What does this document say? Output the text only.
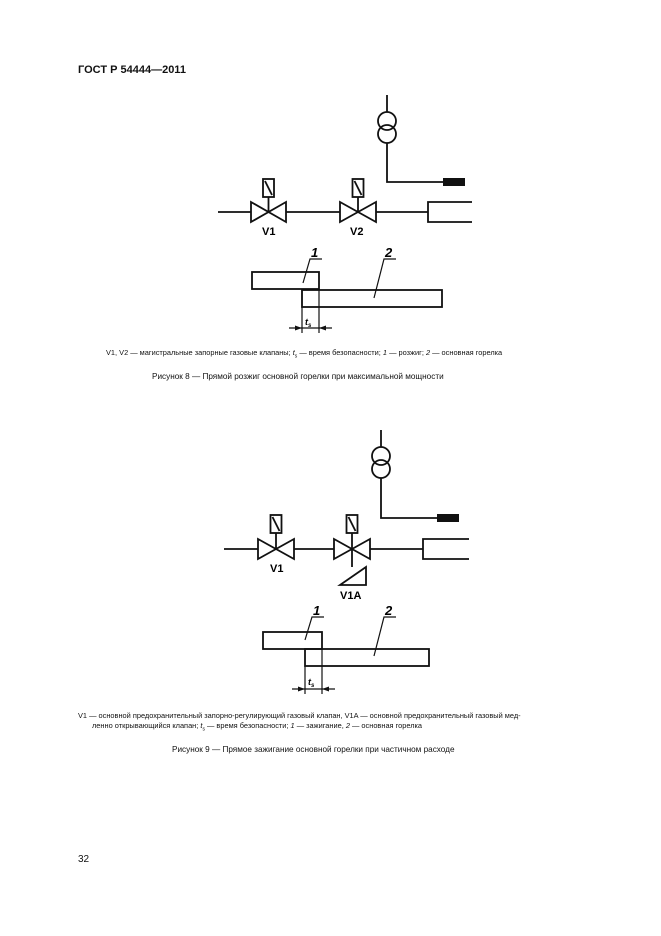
ГОСТ Р 54444—2011
V1	V2
1	2
$t_s$
V1, V2 — магистральные запорные газовые клапаны; $t_s$ — время безопасности; 1 — розжиг; 2 — основная горелка
Рисунок 8 — Прямой розжиг основной горелки при максимальной мощности
V1
V1A
1	2
$t_s$
V1 — основной предохранительный запорно-регулирующий газовый клапан, V1A — основной предохранительный газовый мед-
ленно открывающийся клапан; $t_s$ — время безопасности; 1 — зажигание, 2 — основная горелка
Рисунок 9 — Прямое зажигание основной горелки при частичном расходе
32
